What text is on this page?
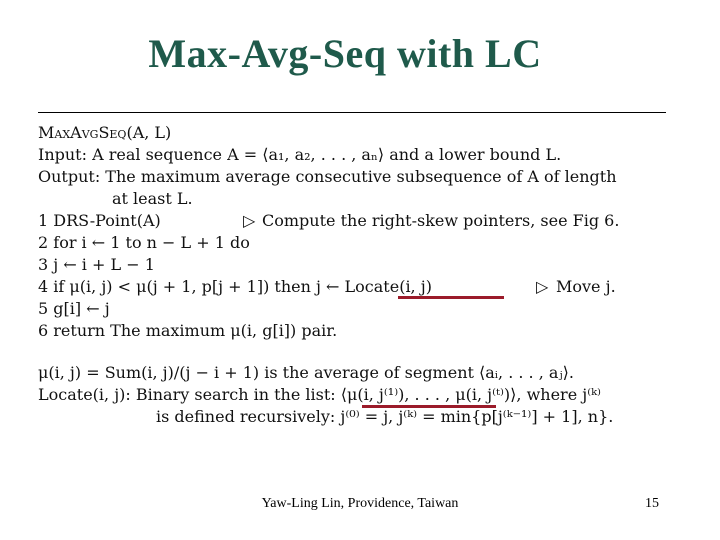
Max-Avg-Seq with LC
MaxAvgSeq(A, L)
Input: A real sequence A = ⟨a₁, a₂, . . . , aₙ⟩ and a lower bound L.
Output: The maximum average consecutive subsequence of A of length
at least L.
1 DRS-Point(A)	▷ Compute the right-skew pointers, see Fig 6.
2 for i ← 1 to n − L + 1 do
3 j ← i + L − 1
4 if μ(i, j) < μ(j + 1, p[j + 1]) then j ← Locate(i, j)	▷ Move j.
5 g[i] ← j
6 return The maximum μ(i, g[i]) pair.
μ(i, j) = Sum(i, j)/(j − i + 1) is the average of segment ⟨aᵢ, . . . , aⱼ⟩.
Locate(i, j): Binary search in the list: ⟨μ(i, j⁽¹⁾), . . . , μ(i, j⁽ᵗ⁾)⟩, where j⁽ᵏ⁾
is defined recursively: j⁽⁰⁾ = j, j⁽ᵏ⁾ = min{p[j⁽ᵏ⁻¹⁾] + 1], n}.
Yaw-Ling Lin, Providence, Taiwan	15
